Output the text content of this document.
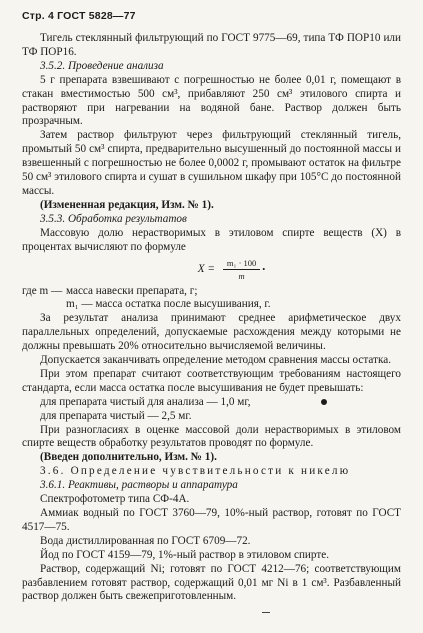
Стр. 4 ГОСТ 5828—77

Тигель стеклянный фильтрующий по ГОСТ 9775—69, типа ТФ ПОР10 или ТФ ПОР16.

3.5.2. Проведение анализа

5 г препарата взвешивают с погрешностью не более 0,01 г, помещают в стакан вместимостью 500 см³, прибавляют 250 см³ этилового спирта и растворяют при нагревании на водяной бане. Раствор должен быть прозрачным.

Затем раствор фильтруют через фильтрующий стеклянный тигель, промытый 50 см³ спирта, предварительно высушенный до постоянной массы и взвешенный с погрешностью не более 0,0002 г, промывают остаток на фильтре 50 см³ этилового спирта и сушат в сушильном шкафу при 105°С до постоянной массы.

(Измененная редакция, Изм. № 1).

3.5.3. Обработка результатов

Массовую долю нерастворимых в этиловом спирте веществ (X) в процентах вычисляют по формуле

$X = \frac{\text{m₁ · 100}}{m}$ •
где m — масса навески препарата, г;
m₁ — масса остатка после высушивания, г.

За результат анализа принимают среднее арифметическое двух параллельных определений, допускаемые расхождения между которыми не должны превышать 20% относительно вычисляемой величины.

Допускается заканчивать определение методом сравнения массы остатка.

При этом препарат считают соответствующим требованиям настоящего стандарта, если масса остатка после высушивания не будет превышать:

для препарата чистый для анализа — 1,0 мг,

для препарата чистый — 2,5 мг.

При разногласиях в оценке массовой доли нерастворимых в этиловом спирте веществ обработку результатов проводят по формуле.

(Введен дополнительно, Изм. № 1).

3.6. Определение чувствительности к никелю

3.6.1. Реактивы, растворы и аппаратура

Спектрофотометр типа СФ-4А.

Аммиак водный по ГОСТ 3760—79, 10%-ный раствор, готовят по ГОСТ 4517—75.

Вода дистиллированная по ГОСТ 6709—72.

Йод по ГОСТ 4159—79, 1%-ный раствор в этиловом спирте.

Раствор, содержащий Ni; готовят по ГОСТ 4212—76; соответствующим разбавлением готовят раствор, содержащий 0,01 мг Ni в 1 см³. Разбавленный раствор должен быть свежеприготовленным.
